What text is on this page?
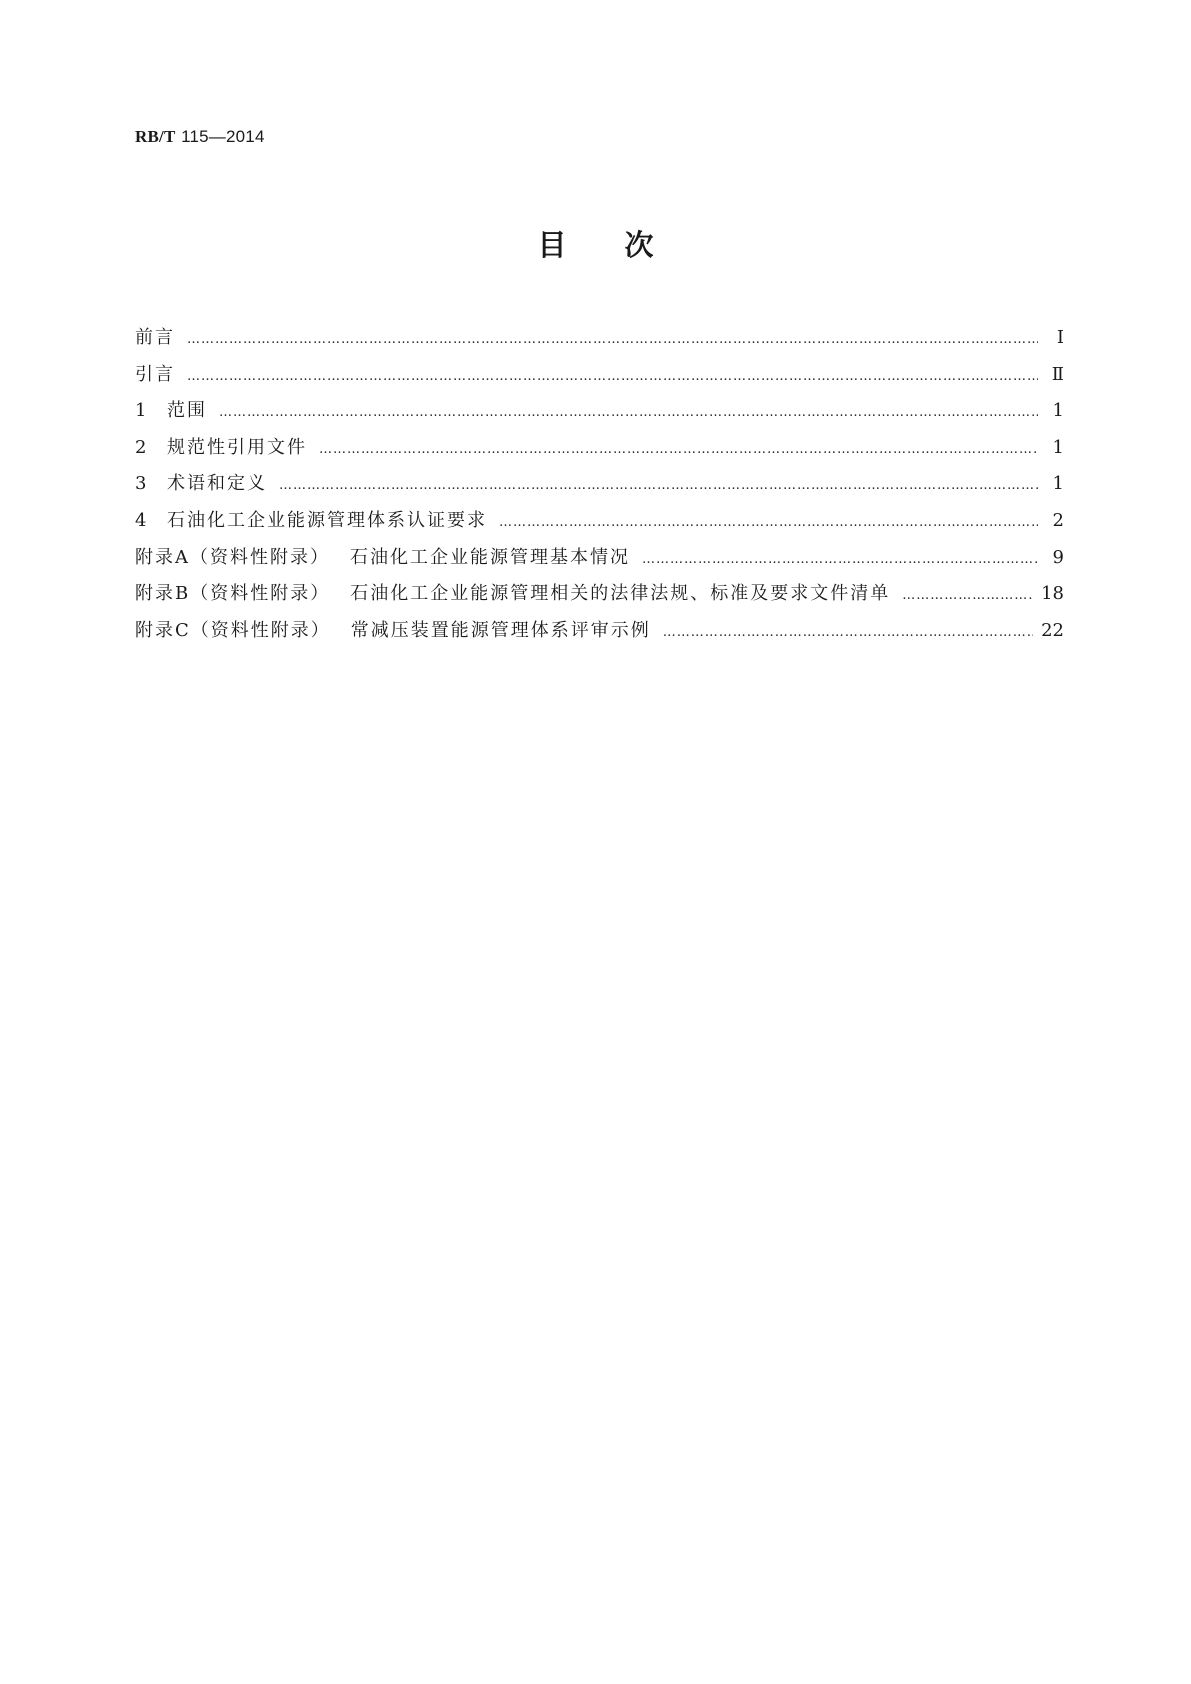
RB/T 115—2014
目次
前言 ……………………………………………………………………………………………………………………………………………………………………………………………………	Ⅰ
引言 ……………………………………………………………………………………………………………………………………………………………………………………………………	Ⅱ
1	范围 ……………………………………………………………………………………………………………………………………………………………………………………………………	1
2	规范性引用文件 ……………………………………………………………………………………………………………………………………………………………………………………………………	1
3	术语和定义 ……………………………………………………………………………………………………………………………………………………………………………………………………	1
4	石油化工企业能源管理体系认证要求 ……………………………………………………………………………………………………………………………………………………………………………………………………	2
附录A（资料性附录） 石油化工企业能源管理基本情况 ……………………………………………………………………………………………………………………………………………………………………………………………………	9
附录B（资料性附录） 石油化工企业能源管理相关的法律法规、标准及要求文件清单 ……………………………………………………………………………………………………………………………………………………………………………………………………	18
附录C（资料性附录） 常减压装置能源管理体系评审示例 ……………………………………………………………………………………………………………………………………………………………………………………………………	22
